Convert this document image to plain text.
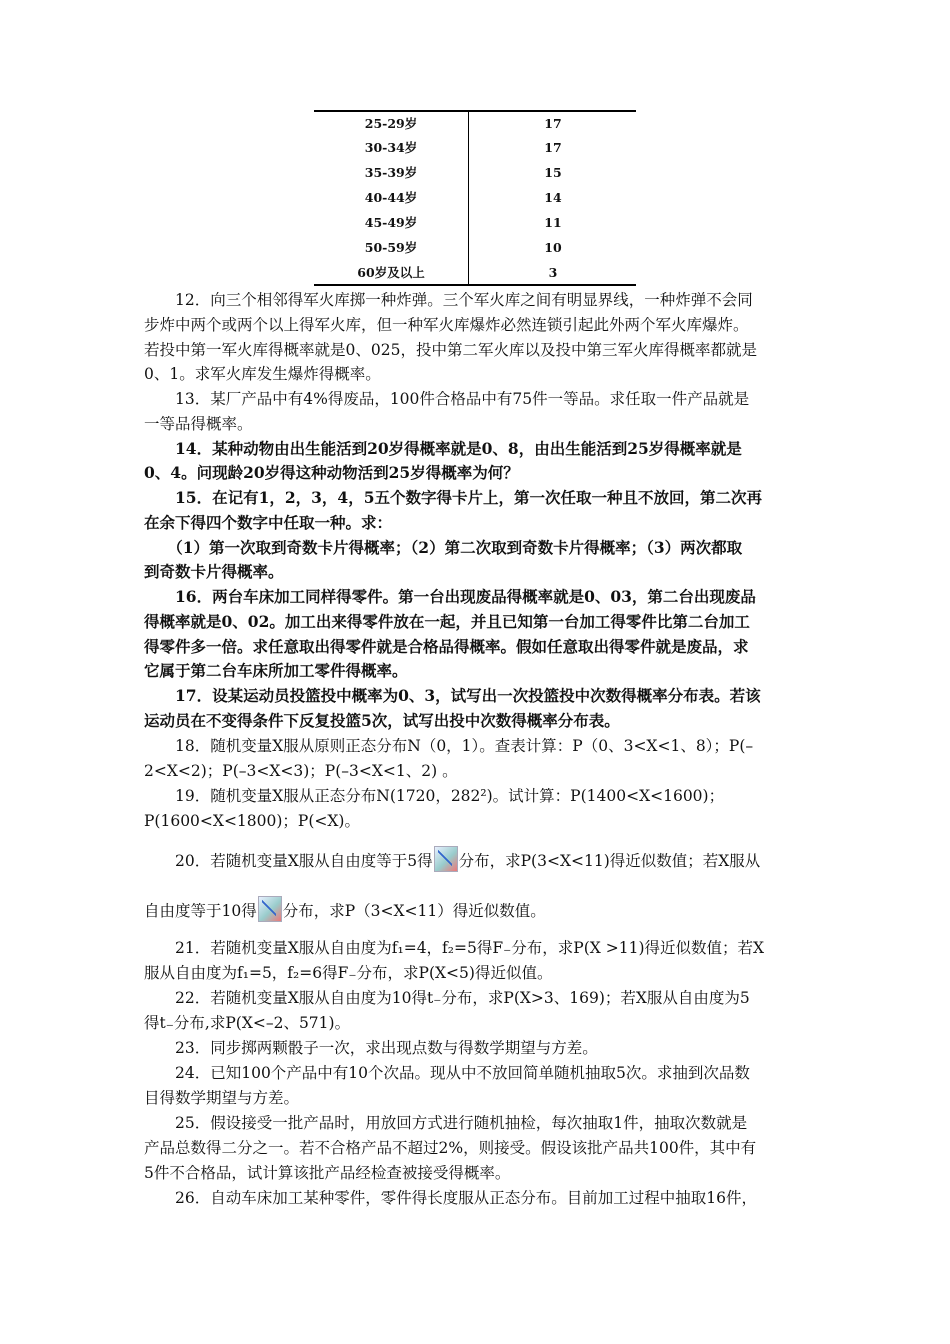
25-29岁	17
30-34岁	17
35-39岁	15
40-44岁	14
45-49岁	11
50-59岁	10
60岁及以上	3

　　12．向三个相邻得军火库掷一种炸弹。三个军火库之间有明显界线，一种炸弹不会同

步炸中两个或两个以上得军火库，但一种军火库爆炸必然连锁引起此外两个军火库爆炸。

若投中第一军火库得概率就是0、025，投中第二军火库以及投中第三军火库得概率都就是

0、1。求军火库发生爆炸得概率。

　　13．某厂产品中有4%得废品，100件合格品中有75件一等品。求任取一件产品就是

一等品得概率。

　　14．某种动物由出生能活到20岁得概率就是0、8，由出生能活到25岁得概率就是

0、4。问现龄20岁得这种动物活到25岁得概率为何？

　　15．在记有1，2，3，4，5五个数字得卡片上，第一次任取一种且不放回，第二次再

在余下得四个数字中任取一种。求：

　　（1）第一次取到奇数卡片得概率；（2）第二次取到奇数卡片得概率；（3）两次都取

到奇数卡片得概率。

　　16．两台车床加工同样得零件。第一台出现废品得概率就是0、03，第二台出现废品

得概率就是0、02。加工出来得零件放在一起，并且已知第一台加工得零件比第二台加工

得零件多一倍。求任意取出得零件就是合格品得概率。假如任意取出得零件就是废品，求

它属于第二台车床所加工零件得概率。

　　17．设某运动员投篮投中概率为0、3，试写出一次投篮投中次数得概率分布表。若该

运动员在不变得条件下反复投篮5次，试写出投中次数得概率分布表。

　　18．随机变量X服从原则正态分布N（0，1）。查表计算：P（0、3<X<1、8）；P(–

2<X<2)；P(–3<X<3)；P(–3<X<1、2) 。

　　19．随机变量X服从正态分布N(1720，282²)。试计算：P(1400<X<1600)；

P(1600<X<1800)；P(<X)。

　　20．若随机变量X服从自由度等于5得 分布，求P(3<X<11)得近似数值；若X服从

自由度等于10得 分布，求P（3<X<11）得近似数值。

　　21．若随机变量X服从自由度为f₁=4，f₂=5得F₋分布，求P(X >11)得近似数值；若X

服从自由度为f₁=5，f₂=6得F₋分布，求P(X<5)得近似值。

　　22．若随机变量X服从自由度为10得t₋分布，求P(X>3、169)；若X服从自由度为5

得t₋分布,求P(X<–2、571)。

　　23．同步掷两颗骰子一次，求出现点数与得数学期望与方差。

　　24．已知100个产品中有10个次品。现从中不放回简单随机抽取5次。求抽到次品数

目得数学期望与方差。

　　25．假设接受一批产品时，用放回方式进行随机抽检，每次抽取1件，抽取次数就是

产品总数得二分之一。若不合格产品不超过2%，则接受。假设该批产品共100件，其中有

5件不合格品，试计算该批产品经检查被接受得概率。

　　26．自动车床加工某种零件，零件得长度服从正态分布。目前加工过程中抽取16件，
